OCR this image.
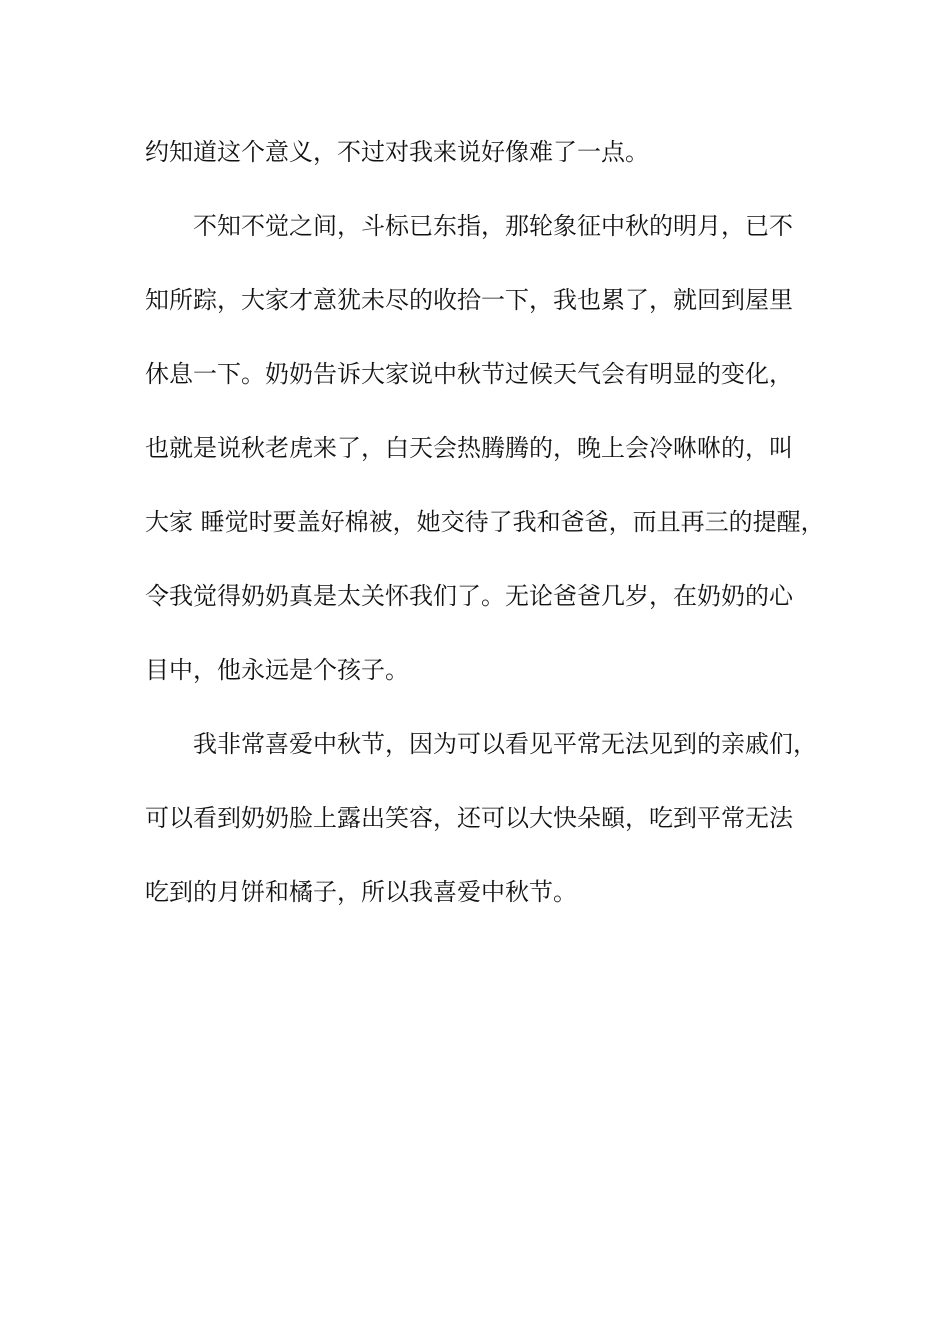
约知道这个意义，不过对我来说好像难了一点。
不知不觉之间，斗标已东指，那轮象征中秋的明月，已不
知所踪，大家才意犹未尽的收拾一下，我也累了，就回到屋里
休息一下。奶奶告诉大家说中秋节过候天气会有明显的变化，
也就是说秋老虎来了，白天会热腾腾的，晚上会冷咻咻的，叫
大家 睡觉时要盖好棉被，她交待了我和爸爸，而且再三的提醒，
令我觉得奶奶真是太关怀我们了。无论爸爸几岁，在奶奶的心
目中，他永远是个孩子。
我非常喜爱中秋节，因为可以看见平常无法见到的亲戚们，
可以看到奶奶脸上露出笑容，还可以大快朵頤，吃到平常无法
吃到的月饼和橘子，所以我喜爱中秋节。
